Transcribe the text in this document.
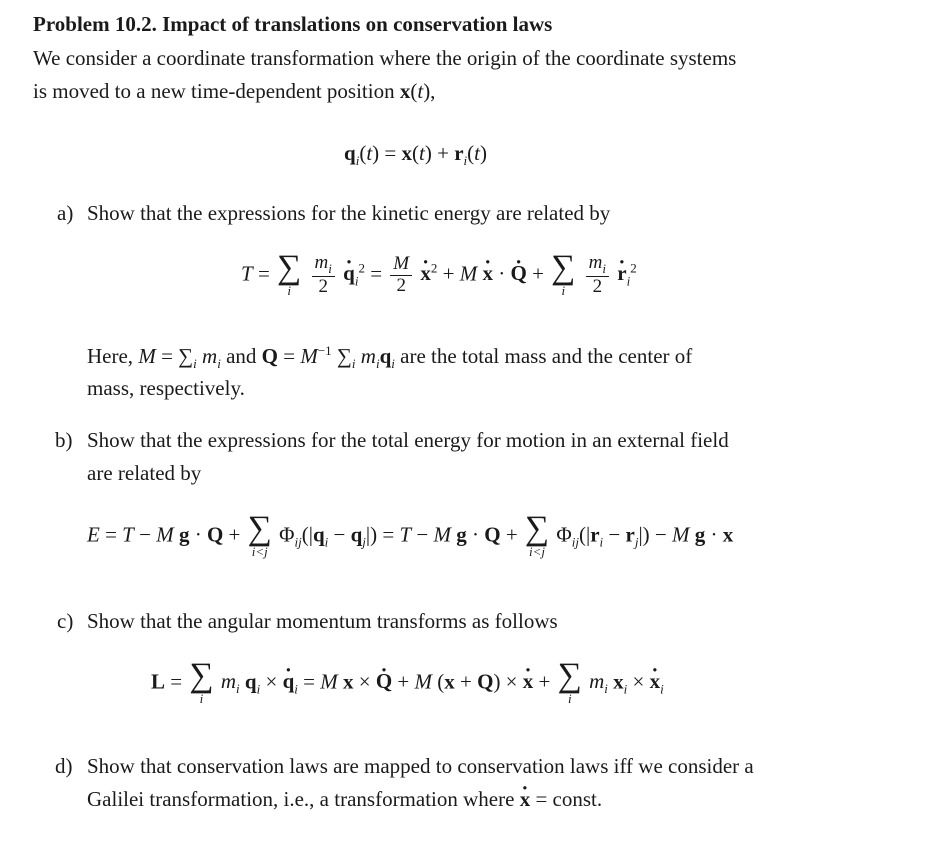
Problem 10.2. Impact of translations on conservation laws
We consider a coordinate transformation where the origin of the coordinate systems
is moved to a new time-dependent position x(t),
$q_i(t) = x(t) + r_i(t)$
a) Show that the expressions for the kinetic energy are related by
T = ∑
i
	$\frac{m_i}{2}$ $q \cdot_i^2 = \frac{M}{2}$ x ·$^2$ + M x · · Q · + ∑
i
	$\frac{m_i}{2}$ $r \cdot_i^2$
Here, $M = \sum_i$ $m_i$ and $Q = M^{-1}$ $\sum_i$ $m_iq_i$ are the total mass and the center of
mass, respectively.
b) Show that the expressions for the total energy for motion in an external field
are related by
E = T − M g · Q + ∑
i<j
$\Phi_{ij}(|q_i - q_j|) = T - M$ g · Q + ∑
i<j
$\Phi_{ij}(|r_i - r_j|) - M$ g · x
c) Show that the angular momentum transforms as follows
L = ∑
i
$m_i$ $q_i \times q \cdot_i = M$ x × Q · + M (x + Q) × x · + ∑
i
$m_i$ $x_i \times x \cdot_i$
d) Show that conservation laws are mapped to conservation laws iff we consider a
Galilei transformation, i.e., a transformation where x · = const.
